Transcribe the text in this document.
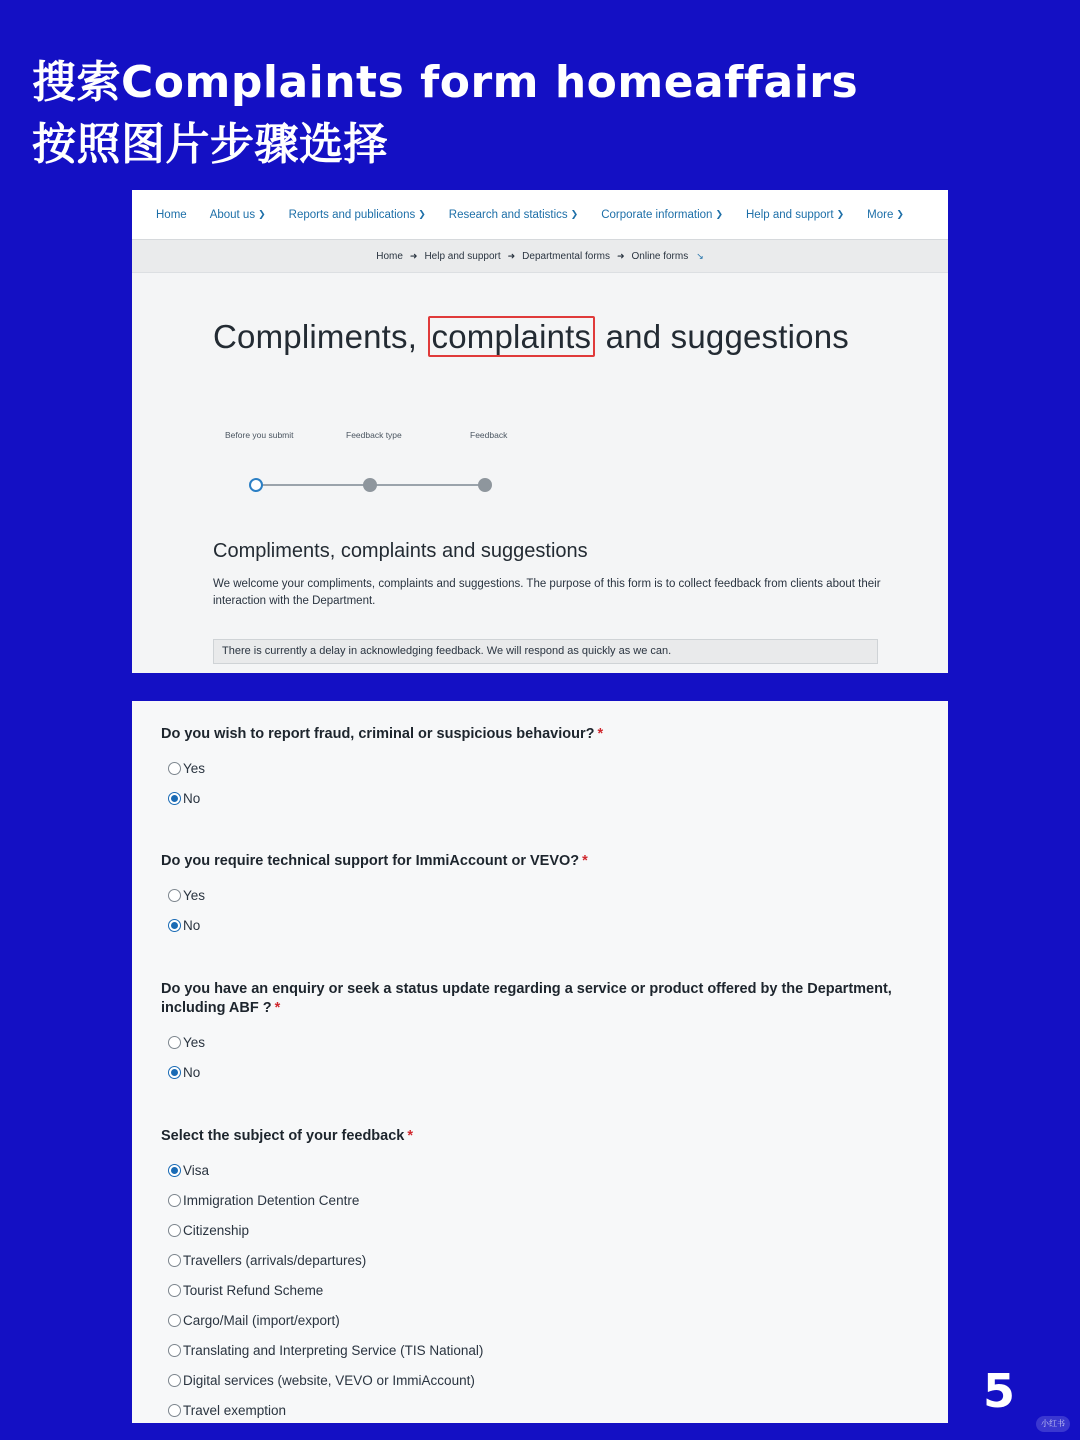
搜索Complaints form homeaffairs
按照图片步骤选择
Home About us ❯ Reports and publications ❯ Research and statistics ❯ Corporate information ❯ Help and support ❯ More ❯
Home ➜ Help and support ➜ Departmental forms ➜ Online forms ↘
Compliments, complaints and suggestions
Before you submit	Feedback type	Feedback
Compliments, complaints and suggestions
We welcome your compliments, complaints and suggestions. The purpose of this form is to collect feedback from clients about their interaction with the Department.
There is currently a delay in acknowledging feedback. We will respond as quickly as we can.
Do you wish to report fraud, criminal or suspicious behaviour? *
Yes
No
Do you require technical support for ImmiAccount or VEVO? *
Yes
No
Do you have an enquiry or seek a status update regarding a service or product offered by the Department, including ABF ? *
Yes
No
Select the subject of your feedback *
Visa
Immigration Detention Centre
Citizenship
Travellers (arrivals/departures)
Tourist Refund Scheme
Cargo/Mail (import/export)
Translating and Interpreting Service (TIS National)
Digital services (website, VEVO or ImmiAccount)
Travel exemption	5
小红书
